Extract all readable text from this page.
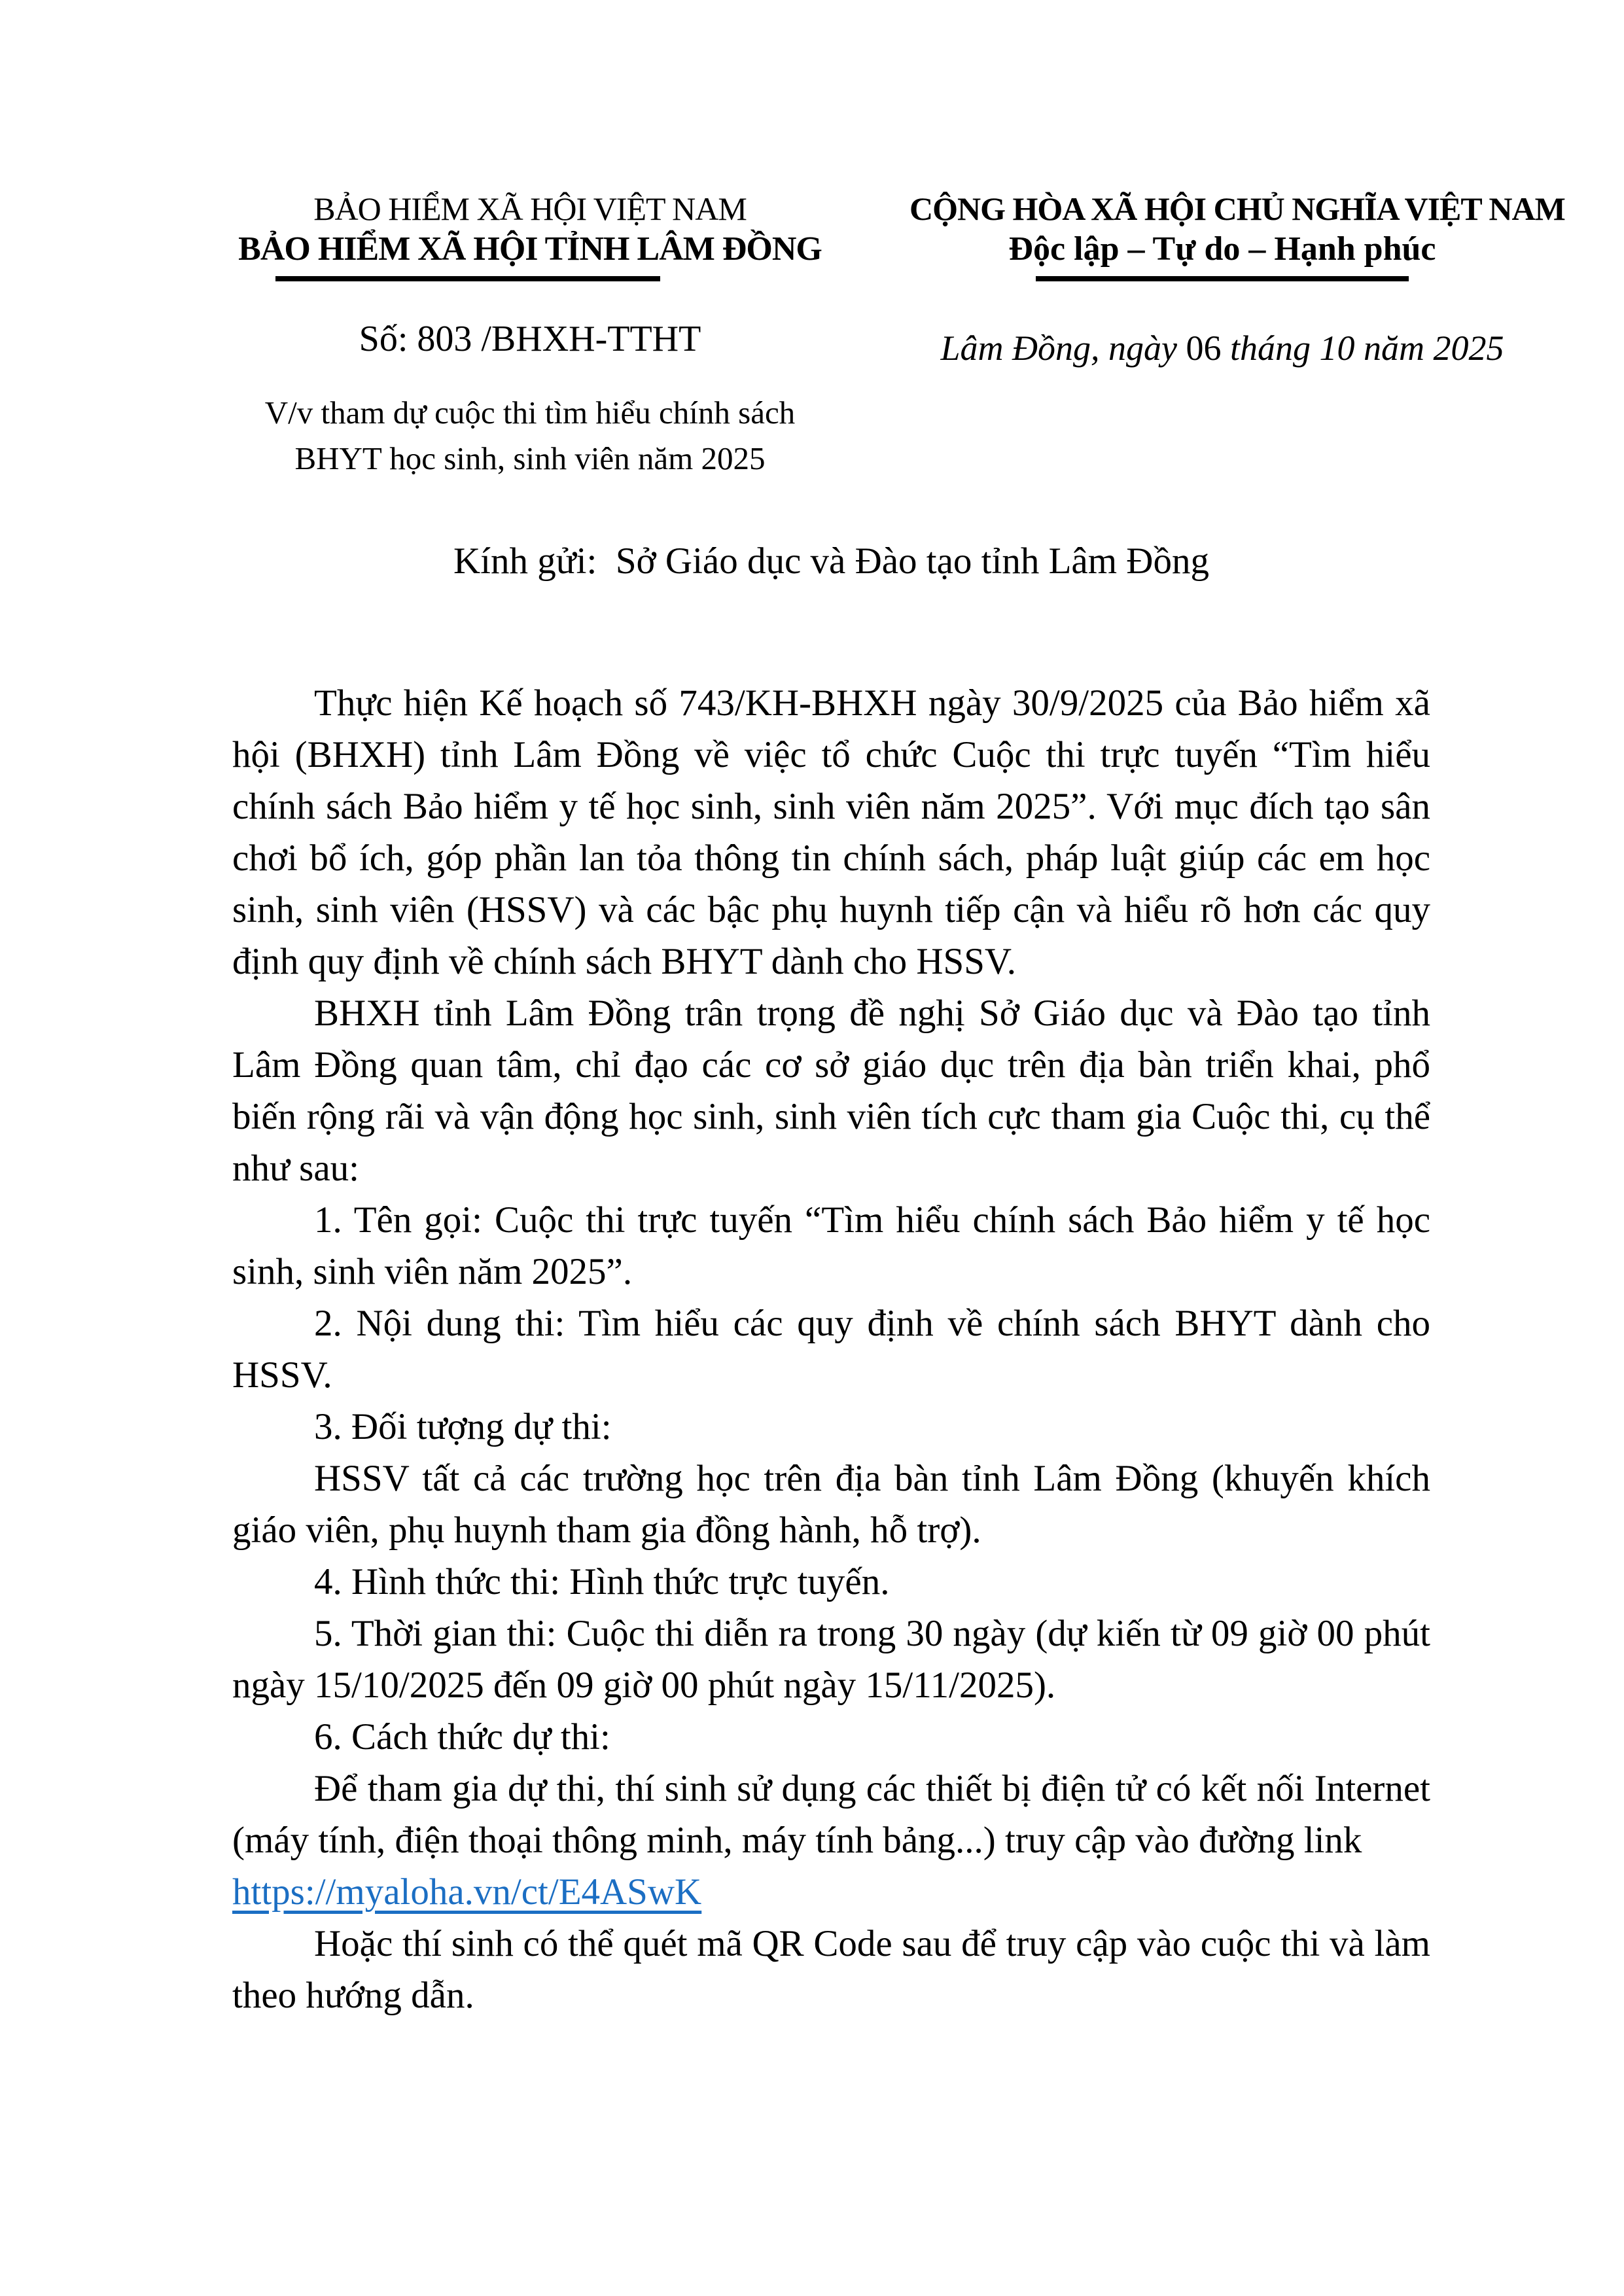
BẢO HIỂM XÃ HỘI VIỆT NAM
BẢO HIỂM XÃ HỘI TỈNH LÂM ĐỒNG
Số: 803 /BHXH-TTHT
V/v tham dự cuộc thi tìm hiểu chính sách
BHYT học sinh, sinh viên năm 2025
CỘNG HÒA XÃ HỘI CHỦ NGHĨA VIỆT NAM
Độc lập – Tự do – Hạnh phúc
Lâm Đồng, ngày 06 tháng 10 năm 2025
Kính gửi:  Sở Giáo dục và Đào tạo tỉnh Lâm Đồng

Thực hiện Kế hoạch số 743/KH-BHXH ngày 30/9/2025 của Bảo hiểm xã hội (BHXH) tỉnh Lâm Đồng về việc tổ chức Cuộc thi trực tuyến “Tìm hiểu chính sách Bảo hiểm y tế học sinh, sinh viên năm 2025”. Với mục đích tạo sân chơi bổ ích, góp phần lan tỏa thông tin chính sách, pháp luật giúp các em học sinh, sinh viên (HSSV) và các bậc phụ huynh tiếp cận và hiểu rõ hơn các quy định quy định về chính sách BHYT dành cho HSSV.

BHXH tỉnh Lâm Đồng trân trọng đề nghị Sở Giáo dục và Đào tạo tỉnh Lâm Đồng quan tâm, chỉ đạo các cơ sở giáo dục trên địa bàn triển khai, phổ biến rộng rãi và vận động học sinh, sinh viên tích cực tham gia Cuộc thi, cụ thể như sau:

1. Tên gọi: Cuộc thi trực tuyến “Tìm hiểu chính sách Bảo hiểm y tế học sinh, sinh viên năm 2025”.

2. Nội dung thi: Tìm hiểu các quy định về chính sách BHYT dành cho HSSV.

3. Đối tượng dự thi:

HSSV tất cả các trường học trên địa bàn tỉnh Lâm Đồng (khuyến khích giáo viên, phụ huynh tham gia đồng hành, hỗ trợ).

4. Hình thức thi: Hình thức trực tuyến.

5. Thời gian thi: Cuộc thi diễn ra trong 30 ngày (dự kiến từ 09 giờ 00 phút ngày 15/10/2025 đến 09 giờ 00 phút ngày 15/11/2025).

6. Cách thức dự thi:

Để tham gia dự thi, thí sinh sử dụng các thiết bị điện tử có kết nối Internet (máy tính, điện thoại thông minh, máy tính bảng...) truy cập vào đường link

https://myaloha.vn/ct/E4ASwK

Hoặc thí sinh có thể quét mã QR Code sau để truy cập vào cuộc thi và làm theo hướng dẫn.
